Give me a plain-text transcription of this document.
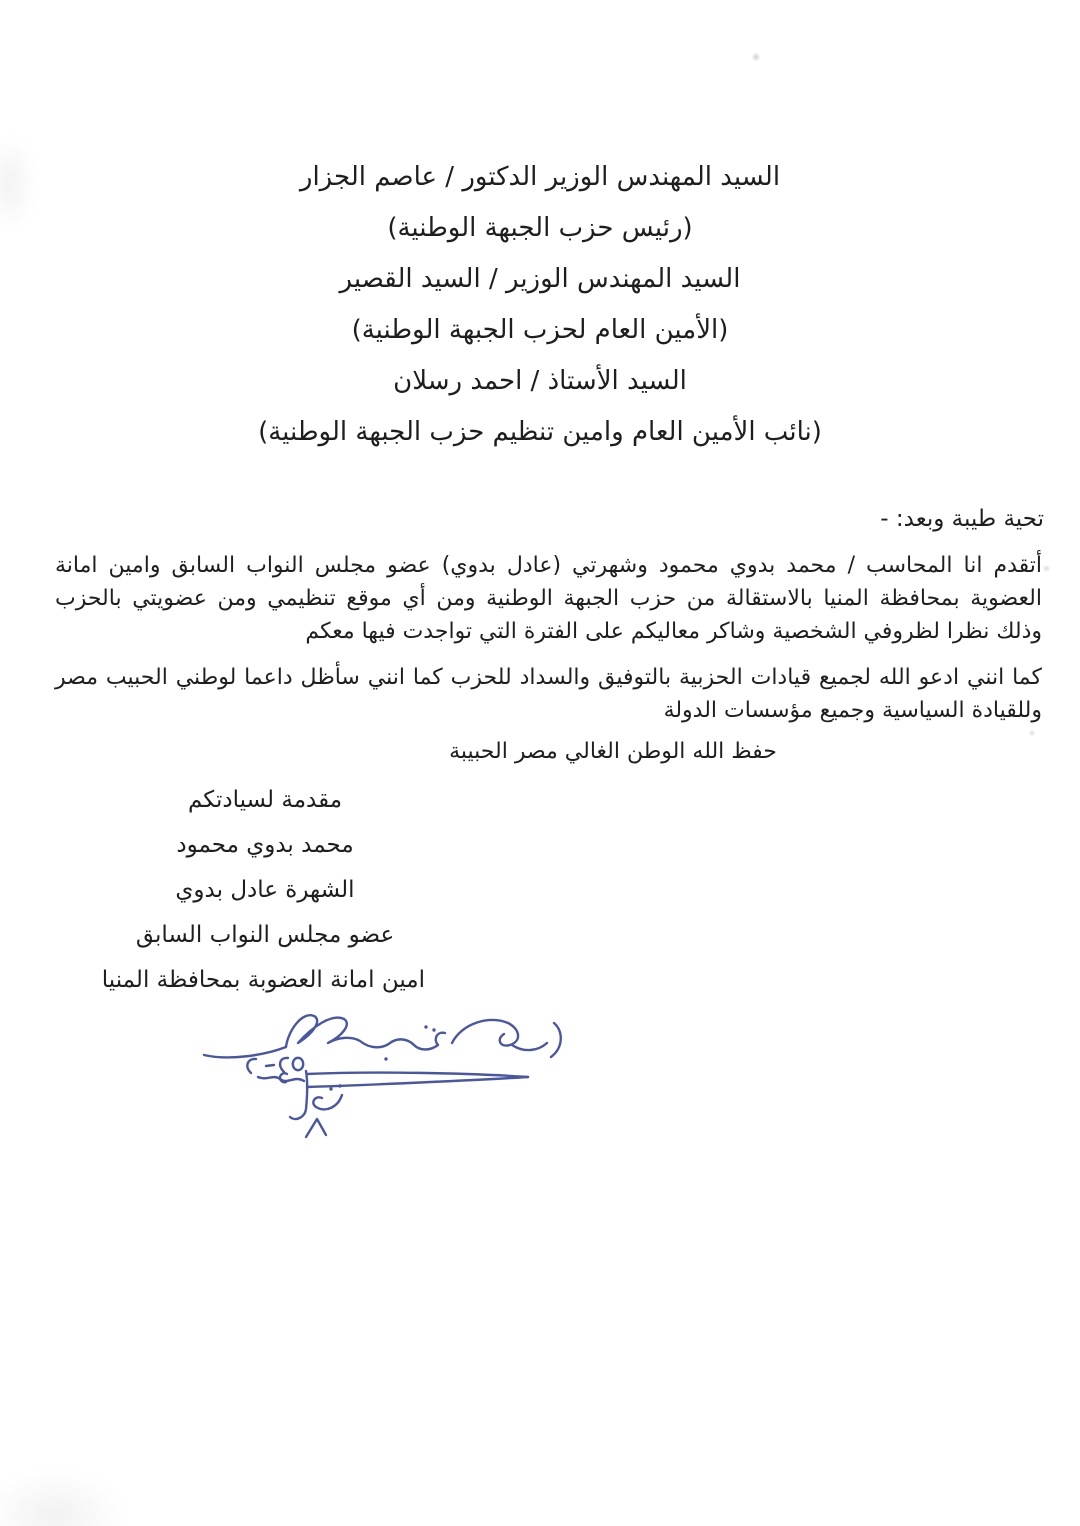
السيد المهندس الوزير الدكتور / عاصم الجزار
(رئيس حزب الجبهة الوطنية)
السيد المهندس الوزير / السيد القصير
(الأمين العام لحزب الجبهة الوطنية)
السيد الأستاذ / احمد رسلان
(نائب الأمين العام وامين تنظيم حزب الجبهة الوطنية)
تحية طيبة وبعد: -

أتقدم انا المحاسب / محمد بدوي محمود وشهرتي (عادل بدوي) عضو مجلس النواب السابق وامين امانة العضوية بمحافظة المنيا بالاستقالة من حزب الجبهة الوطنية ومن أي موقع تنظيمي ومن عضويتي بالحزب وذلك نظرا لظروفي الشخصية وشاكر معاليكم على الفترة التي تواجدت فيها معكم

كما انني ادعو الله لجميع قيادات الحزبية بالتوفيق والسداد للحزب كما انني سأظل داعما لوطني الحبيب مصر وللقيادة السياسية وجميع مؤسسات الدولة

حفظ الله الوطن الغالي مصر الحبيبة
مقدمة لسيادتكم
محمد بدوي محمود
الشهرة عادل بدوي
عضو مجلس النواب السابق
امين امانة العضوبة بمحافظة المنيا
